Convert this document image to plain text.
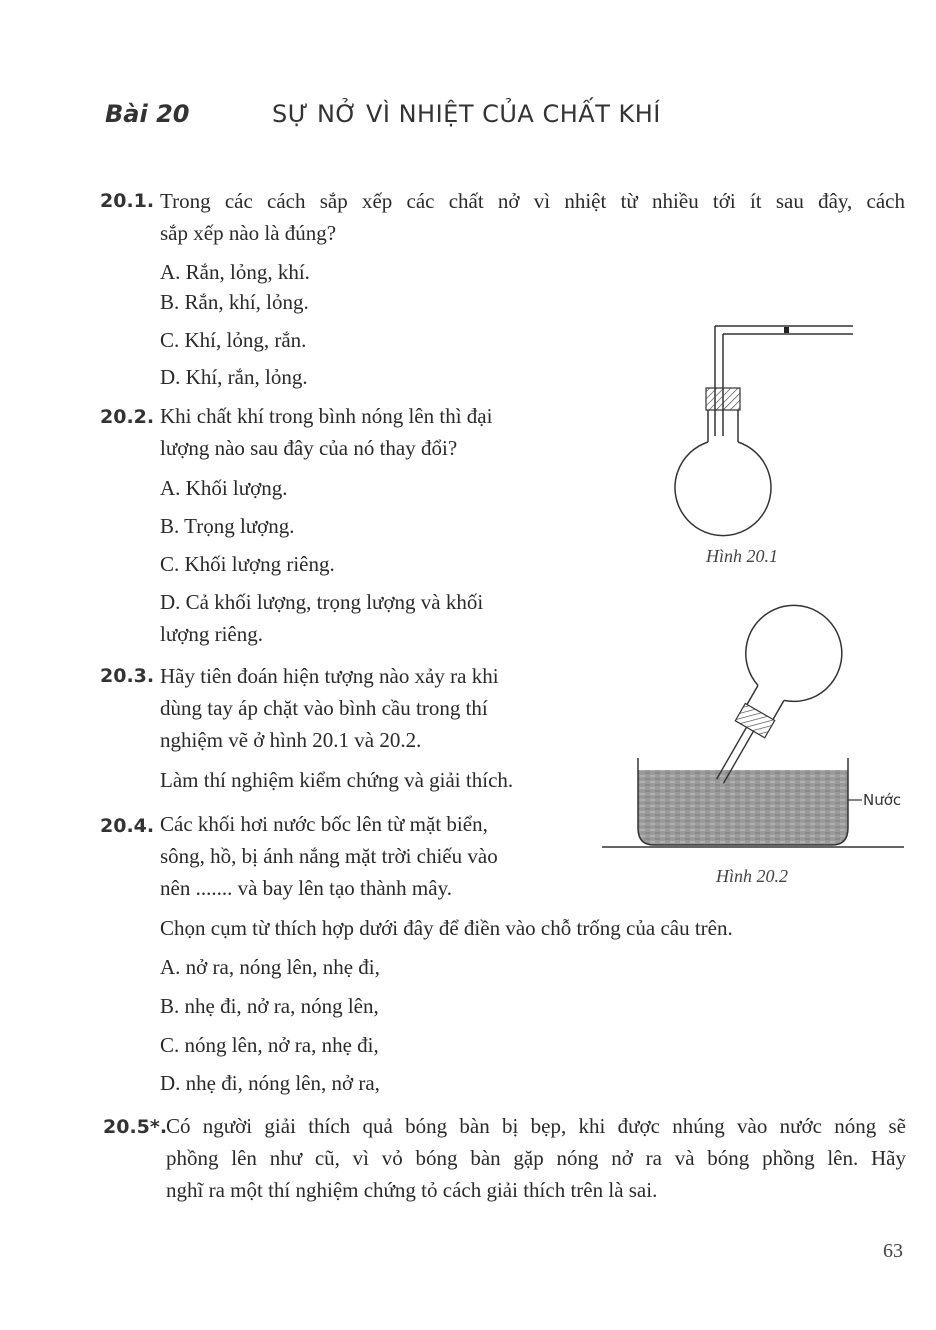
Bài 20	SỰ NỞ VÌ NHIỆT CỦA CHẤT KHÍ
20.1. Trong các cách sắp xếp các chất nở vì nhiệt từ nhiều tới ít sau đây, cách
sắp xếp nào là đúng?
A. Rắn, lỏng, khí.
B. Rắn, khí, lỏng.
C. Khí, lỏng, rắn.
D. Khí, rắn, lỏng.
20.2. Khi chất khí trong bình nóng lên thì đại
lượng nào sau đây của nó thay đổi?
A. Khối lượng.
B. Trọng lượng.
C. Khối lượng riêng.
D. Cả khối lượng, trọng lượng và khối
lượng riêng.
20.3. Hãy tiên đoán hiện tượng nào xảy ra khi
dùng tay áp chặt vào bình cầu trong thí
nghiệm vẽ ở hình 20.1 và 20.2.
Làm thí nghiệm kiểm chứng và giải thích.
20.4. Các khối hơi nước bốc lên từ mặt biển,
sông, hồ, bị ánh nắng mặt trời chiếu vào
nên ....... và bay lên tạo thành mây.
Chọn cụm từ thích hợp dưới đây để điền vào chỗ trống của câu trên.
A. nở ra, nóng lên, nhẹ đi,
B. nhẹ đi, nở ra, nóng lên,
C. nóng lên, nở ra, nhẹ đi,
D. nhẹ đi, nóng lên, nở ra,
20.5*.
Có người giải thích quả bóng bàn bị bẹp, khi được nhúng vào nước nóng sẽ
phồng lên như cũ, vì vỏ bóng bàn gặp nóng nở ra và bóng phồng lên. Hãy
nghĩ ra một thí nghiệm chứng tỏ cách giải thích trên là sai.
Hình 20.1
Nước
Hình 20.2
63
